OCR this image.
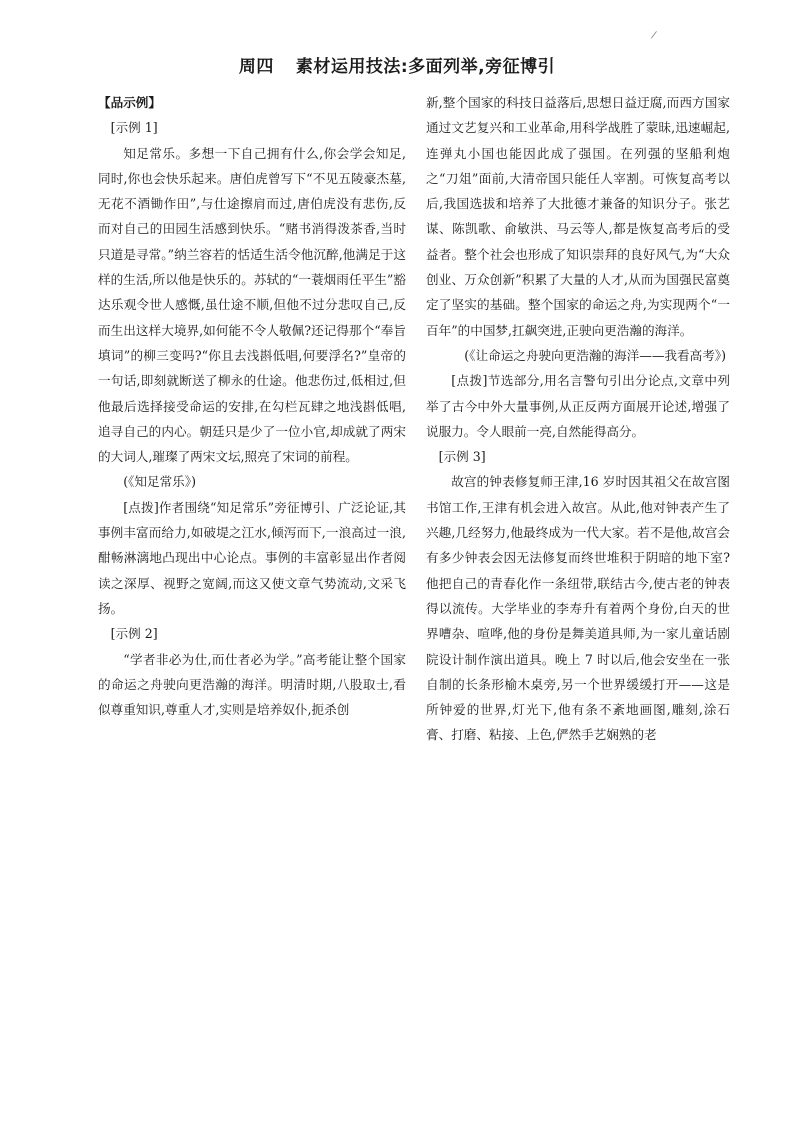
/
周四 素材运用技法:多面列举,旁征博引

【品示例】

[示例 1]

知足常乐。多想一下自己拥有什么,你会学会知足,同时,你也会快乐起来。唐伯虎曾写下“不见五陵豪杰墓,无花不酒锄作田”,与仕途擦肩而过,唐伯虎没有悲伤,反而对自己的田园生活感到快乐。“赌书消得泼茶香,当时只道是寻常。”纳兰容若的恬适生活令他沉醉,他满足于这样的生活,所以他是快乐的。苏轼的“一蓑烟雨任平生”豁达乐观令世人感慨,虽仕途不顺,但他不过分悲叹自己,反而生出这样大境界,如何能不令人敬佩?还记得那个“奉旨填词”的柳三变吗?“你且去浅斟低唱,何要浮名?”皇帝的一句话,即刻就断送了柳永的仕途。他悲伤过,低相过,但他最后选择接受命运的安排,在勾栏瓦肆之地浅斟低唱,追寻自己的内心。朝廷只是少了一位小官,却成就了两宋的大词人,璀璨了两宋文坛,照亮了宋词的前程。

(《知足常乐》)

[点拨]作者围绕“知足常乐”旁征博引、广泛论证,其事例丰富而给力,如破堤之江水,倾泻而下,一浪高过一浪,酣畅淋漓地凸现出中心论点。事例的丰富彰显出作者阅读之深厚、视野之宽阔,而这又使文章气势流动,文采飞扬。

[示例 2]

“学者非必为仕,而仕者必为学。”高考能让整个国家的命运之舟驶向更浩瀚的海洋。明清时期,八股取士,看似尊重知识,尊重人才,实则是培养奴仆,扼杀创

新,整个国家的科技日益落后,思想日益迂腐,而西方国家通过文艺复兴和工业革命,用科学战胜了蒙昧,迅速崛起,连弹丸小国也能因此成了强国。在列强的坚船利炮之“刀俎”面前,大清帝国只能任人宰割。可恢复高考以后,我国选拔和培养了大批德才兼备的知识分子。张艺谋、陈凯歌、俞敏洪、马云等人,都是恢复高考后的受益者。整个社会也形成了知识崇拜的良好风气,为“大众创业、万众创新”积累了大量的人才,从而为国强民富奠定了坚实的基础。整个国家的命运之舟,为实现两个“一百年”的中国梦,扛飙突进,正驶向更浩瀚的海洋。

(《让命运之舟驶向更浩瀚的海洋——我看高考》)

[点拨]节选部分,用名言警句引出分论点,文章中列举了古今中外大量事例,从正反两方面展开论述,增强了说服力。令人眼前一亮,自然能得高分。

[示例 3]

故宫的钟表修复师王津,16 岁时因其祖父在故宫图书馆工作,王津有机会进入故宫。从此,他对钟表产生了兴趣,几经努力,他最终成为一代大家。若不是他,故宫会有多少钟表会因无法修复而终世堆积于阴暗的地下室?他把自己的青春化作一条纽带,联结古今,使古老的钟表得以流传。大学毕业的李寿升有着两个身份,白天的世界嘈杂、喧哗,他的身份是舞美道具师,为一家儿童话剧院设计制作演出道具。晚上 7 时以后,他会安坐在一张自制的长条形榆木桌旁,另一个世界缓缓打开——这是所钟爱的世界,灯光下,他有条不紊地画图,雕刻,涂石膏、打磨、粘接、上色,俨然手艺娴熟的老
